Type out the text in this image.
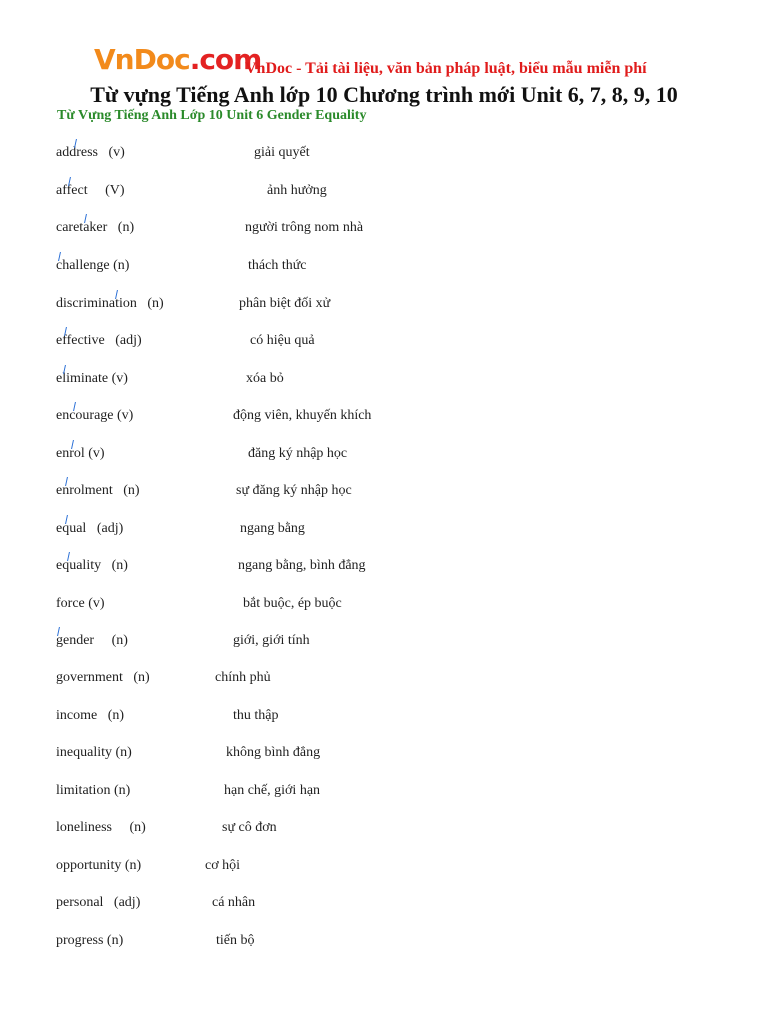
VnDoc.com
VnDoc - Tải tài liệu, văn bản pháp luật, biểu mẫu miễn phí
Từ vựng Tiếng Anh lớp 10 Chương trình mới Unit 6, 7, 8, 9, 10
Từ Vựng Tiếng Anh Lớp 10 Unit 6 Gender Equality
address   (v)	giải quyết
affect     (V)	ảnh hưởng
caretaker   (n)	người trông nom nhà
challenge (n)	thách thức
discrimination   (n)	phân biệt đối xử
effective   (adj)	có hiệu quả
eliminate (v)	xóa bỏ
encourage (v)	động viên, khuyến khích
enrol (v)	đăng ký nhập học
enrolment   (n)	sự đăng ký nhập học
equal   (adj)	ngang bằng
equality   (n)	ngang bằng, bình đẳng
force (v)	bắt buộc, ép buộc
gender     (n)	giới, giới tính
government   (n)	chính phủ
income   (n)	thu thập
inequality (n)	không bình đẳng
limitation (n)	hạn chế, giới hạn
loneliness     (n)	sự cô đơn
opportunity (n)	cơ hội
personal   (adj)	cá nhân
progress (n)	tiến bộ
